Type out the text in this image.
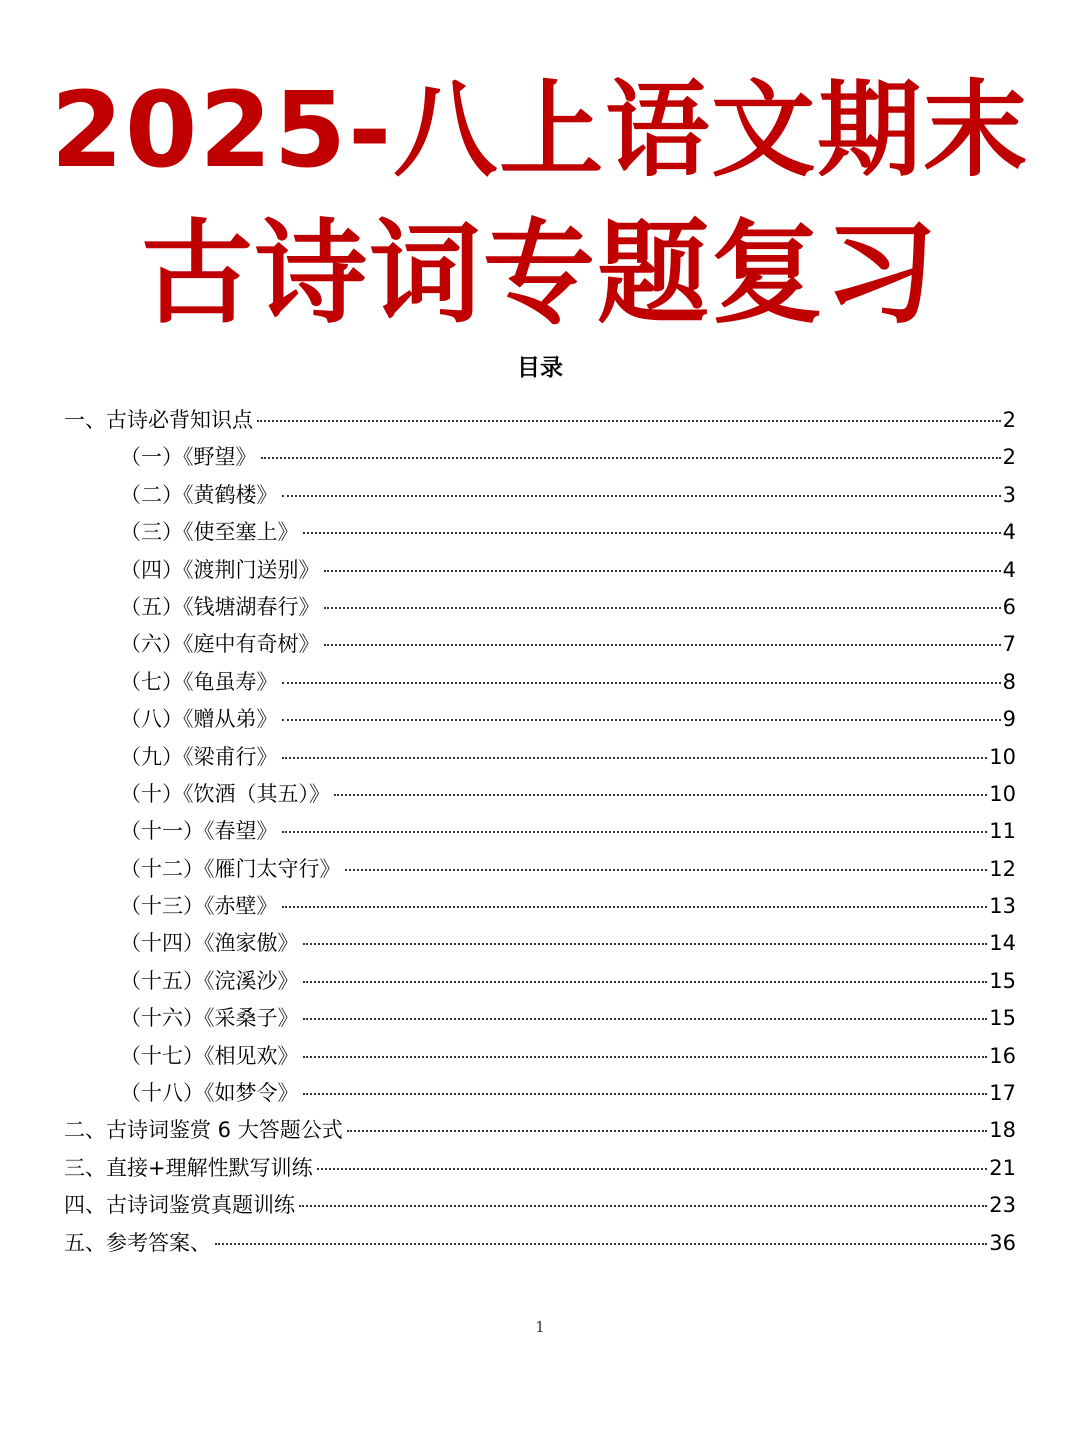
2025-八上语文期末
古诗词专题复习
目录
一、古诗必背知识点	2
（一）《野望》	2
（二）《黄鹤楼》	3
（三）《使至塞上》	4
（四）《渡荆门送别》	4
（五）《钱塘湖春行》	6
（六）《庭中有奇树》	7
（七）《龟虽寿》	8
（八）《赠从弟》	9
（九）《梁甫行》	10
（十）《饮酒（其五）》	10
（十一）《春望》	11
（十二）《雁门太守行》	12
（十三）《赤壁》	13
（十四）《渔家傲》	14
（十五）《浣溪沙》	15
（十六）《采桑子》	15
（十七）《相见欢》	16
（十八）《如梦令》	17
二、古诗词鉴赏 6 大答题公式	18
三、直接+理解性默写训练	21
四、古诗词鉴赏真题训练	23
五、参考答案、	36
1
